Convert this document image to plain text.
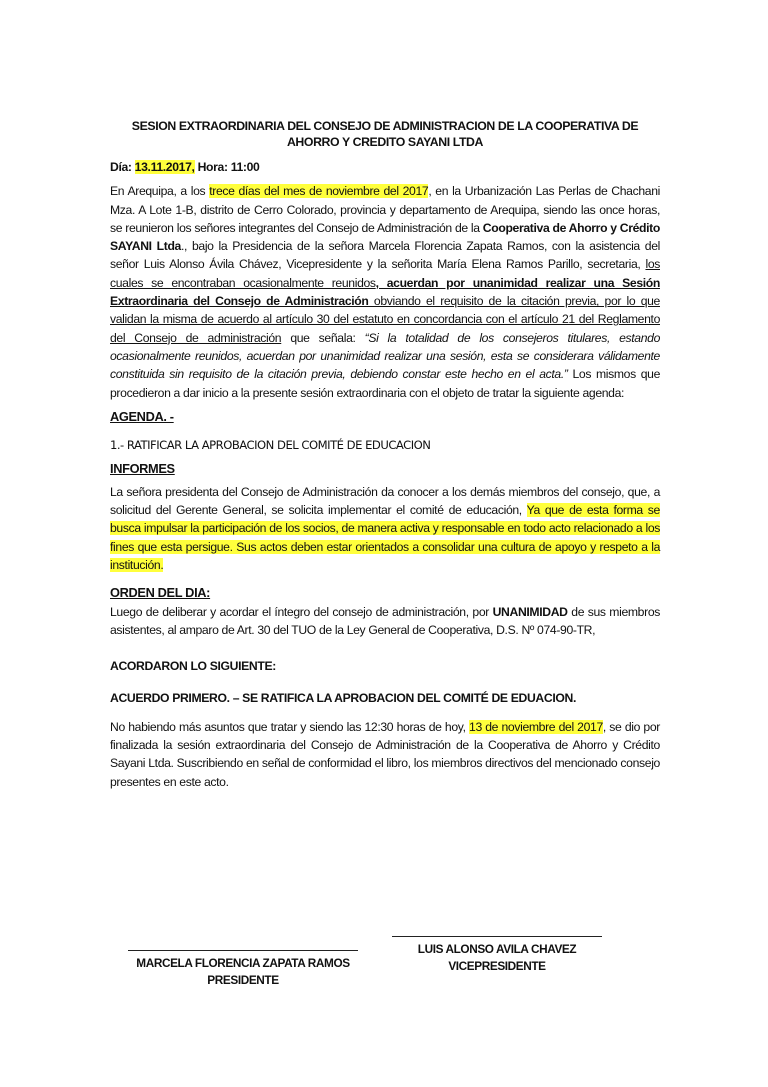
SESION EXTRAORDINARIA DEL CONSEJO DE ADMINISTRACION DE LA COOPERATIVA DE AHORRO Y CREDITO SAYANI LTDA
Día: 13.11.2017, Hora: 11:00

En Arequipa, a los trece días del mes de noviembre del 2017, en la Urbanización Las Perlas de Chachani Mza. A Lote 1-B, distrito de Cerro Colorado, provincia y departamento de Arequipa, siendo las once horas, se reunieron los señores integrantes del Consejo de Administración de la Cooperativa de Ahorro y Crédito SAYANI Ltda., bajo la Presidencia de la señora Marcela Florencia Zapata Ramos, con la asistencia del señor Luis Alonso Ávila Chávez, Vicepresidente y la señorita María Elena Ramos Parillo, secretaria, los cuales se encontraban ocasionalmente reunidos, acuerdan por unanimidad realizar una Sesión Extraordinaria del Consejo de Administración obviando el requisito de la citación previa, por lo que validan la misma de acuerdo al artículo 30 del estatuto en concordancia con el artículo 21 del Reglamento del Consejo de administración que señala: “Si la totalidad de los consejeros titulares, estando ocasionalmente reunidos, acuerdan por unanimidad realizar una sesión, esta se considerara válidamente constituida sin requisito de la citación previa, debiendo constar este hecho en el acta.” Los mismos que procedieron a dar inicio a la presente sesión extraordinaria con el objeto de tratar la siguiente agenda:

AGENDA. -
1.- RATIFICAR LA APROBACION DEL COMITÉ DE EDUCACION
INFORMES

La señora presidenta del Consejo de Administración da conocer a los demás miembros del consejo, que, a solicitud del Gerente General, se solicita implementar el comité de educación, Ya que de esta forma se busca impulsar la participación de los socios, de manera activa y responsable en todo acto relacionado a los fines que esta persigue. Sus actos deben estar orientados a consolidar una cultura de apoyo y respeto a la institución.

ORDEN DEL DIA:

Luego de deliberar y acordar el íntegro del consejo de administración, por UNANIMIDAD de sus miembros asistentes, al amparo de Art. 30 del TUO de la Ley General de Cooperativa, D.S. Nº 074-90-TR,

ACORDARON LO SIGUIENTE:
ACUERDO PRIMERO. – SE RATIFICA LA APROBACION DEL COMITÉ DE EDUACION.

No habiendo más asuntos que tratar y siendo las 12:30 horas de hoy, 13 de noviembre del 2017, se dio por finalizada la sesión extraordinaria del Consejo de Administración de la Cooperativa de Ahorro y Crédito Sayani Ltda. Suscribiendo en señal de conformidad el libro, los miembros directivos del mencionado consejo presentes en este acto.

MARCELA FLORENCIA ZAPATA RAMOS
PRESIDENTE
LUIS ALONSO AVILA CHAVEZ
VICEPRESIDENTE
